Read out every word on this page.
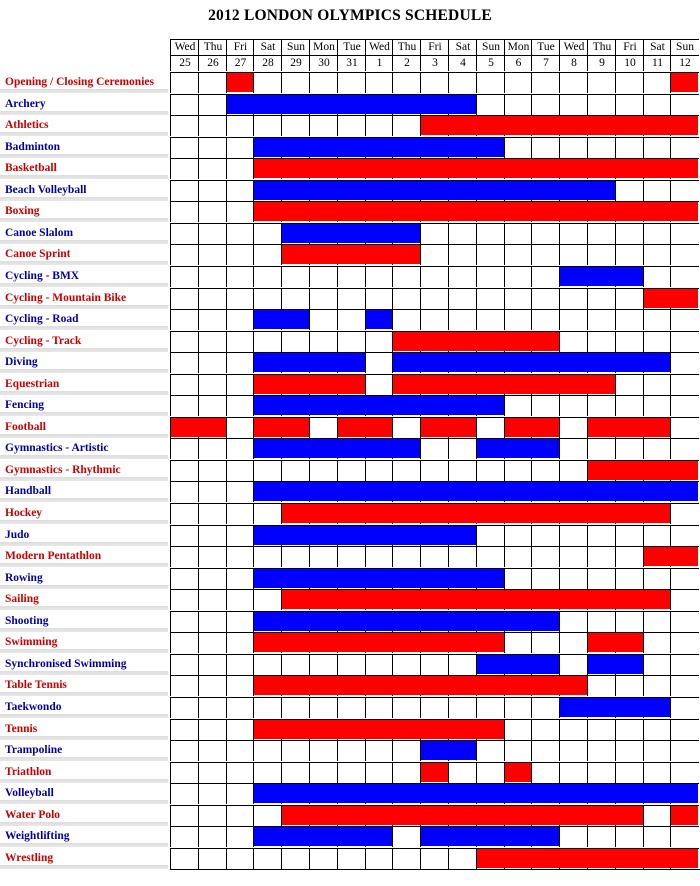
2012 LONDON OLYMPICS SCHEDULE
Wed
25
Thu
26
Fri
27
Sat
28
Sun
29
Mon
30
Tue
31
Wed
1
Thu
2
Fri
3
Sat
4
Sun
5
Mon
6
Tue
7
Wed
8
Thu
9
Fri
10
Sat
11
Sun
12
Opening / Closing Ceremonies
Archery
Athletics
Badminton
Basketball
Beach Volleyball
Boxing
Canoe Slalom
Canoe Sprint
Cycling - BMX
Cycling - Mountain Bike
Cycling - Road
Cycling - Track
Diving
Equestrian
Fencing
Football
Gymnastics - Artistic
Gymnastics - Rhythmic
Handball
Hockey
Judo
Modern Pentathlon
Rowing
Sailing
Shooting
Swimming
Synchronised Swimming
Table Tennis
Taekwondo
Tennis
Trampoline
Triathlon
Volleyball
Water Polo
Weightlifting
Wrestling
